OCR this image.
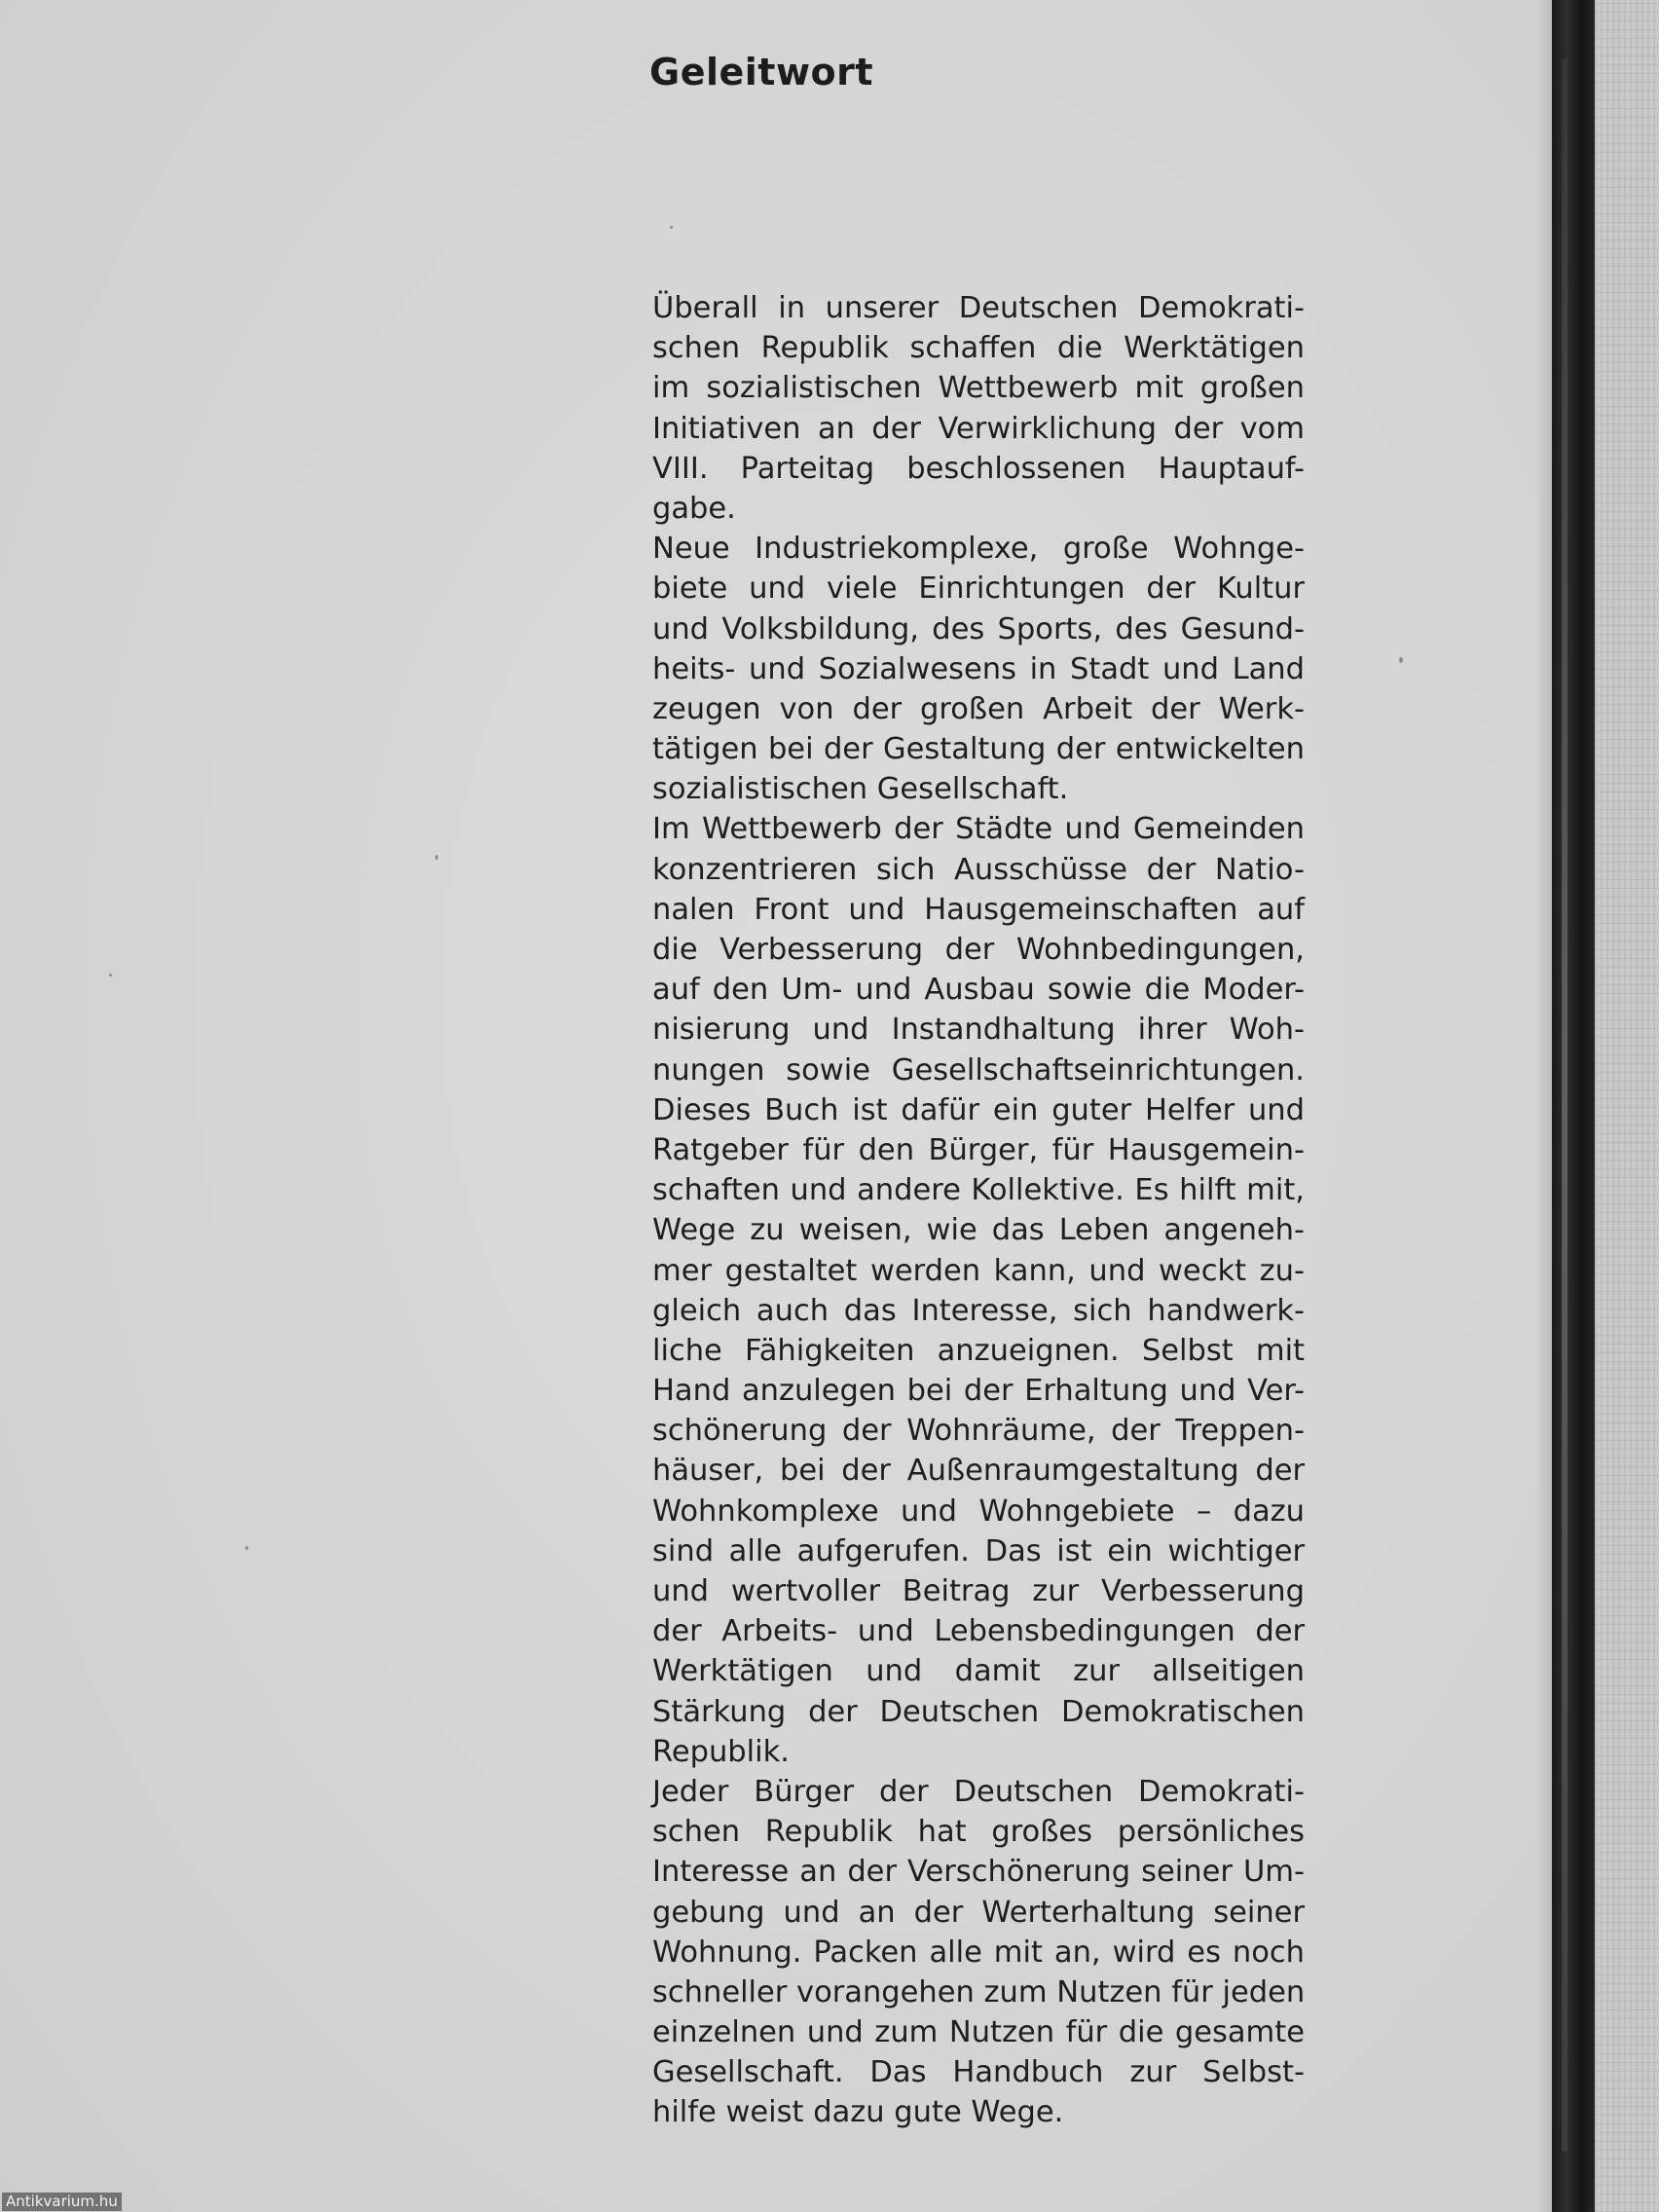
Geleitwort
Überall in unserer Deutschen Demokrati-
schen Republik schaffen die Werktätigen
im sozialistischen Wettbewerb mit großen
Initiativen an der Verwirklichung der vom
VIII. Parteitag beschlossenen Hauptauf-
gabe.
Neue Industriekomplexe, große Wohnge-
biete und viele Einrichtungen der Kultur
und Volksbildung, des Sports, des Gesund-
heits- und Sozialwesens in Stadt und Land
zeugen von der großen Arbeit der Werk-
tätigen bei der Gestaltung der entwickelten
sozialistischen Gesellschaft.
Im Wettbewerb der Städte und Gemeinden
konzentrieren sich Ausschüsse der Natio-
nalen Front und Hausgemeinschaften auf
die Verbesserung der Wohnbedingungen,
auf den Um- und Ausbau sowie die Moder-
nisierung und Instandhaltung ihrer Woh-
nungen sowie Gesellschaftseinrichtungen.
Dieses Buch ist dafür ein guter Helfer und
Ratgeber für den Bürger, für Hausgemein-
schaften und andere Kollektive. Es hilft mit,
Wege zu weisen, wie das Leben angeneh-
mer gestaltet werden kann, und weckt zu-
gleich auch das Interesse, sich handwerk-
liche Fähigkeiten anzueignen. Selbst mit
Hand anzulegen bei der Erhaltung und Ver-
schönerung der Wohnräume, der Treppen-
häuser, bei der Außenraumgestaltung der
Wohnkomplexe und Wohngebiete – dazu
sind alle aufgerufen. Das ist ein wichtiger
und wertvoller Beitrag zur Verbesserung
der Arbeits- und Lebensbedingungen der
Werktätigen und damit zur allseitigen
Stärkung der Deutschen Demokratischen
Republik.
Jeder Bürger der Deutschen Demokrati-
schen Republik hat großes persönliches
Interesse an der Verschönerung seiner Um-
gebung und an der Werterhaltung seiner
Wohnung. Packen alle mit an, wird es noch
schneller vorangehen zum Nutzen für jeden
einzelnen und zum Nutzen für die gesamte
Gesellschaft. Das Handbuch zur Selbst-
hilfe weist dazu gute Wege.
Antikvarium.hu
